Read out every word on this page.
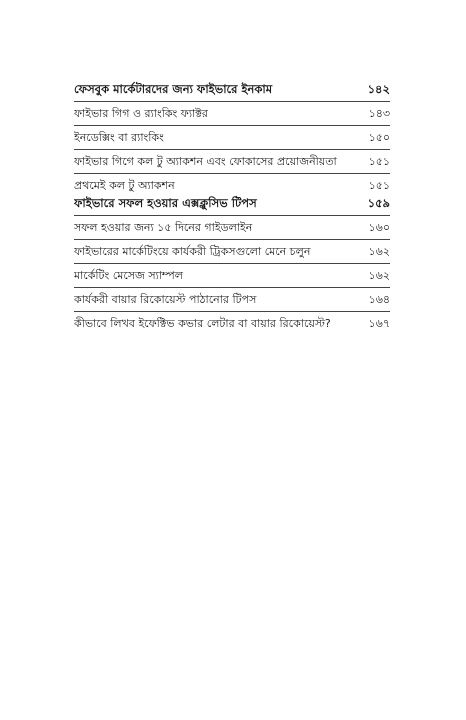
ফেসবুক মার্কেটারদের জন্য ফাইভারে ইনকাম	১৪২
ফাইভার গিগ ও র‍্যাংকিং ফ্যাক্টর	১৪৩
ইনডেক্সিং বা র‍্যাংকিং	১৫০
ফাইভার গিগে কল টু অ্যাকশন এবং ফোকাসের প্রয়োজনীয়তা	১৫১
প্রথমেই কল টু অ্যাকশন	১৫১
ফাইভারে সফল হওয়ার এক্সক্লুসিভ টিপস	১৫৯
সফল হওয়ার জন্য ১৫ দিনের গাইডলাইন	১৬০
ফাইভারের মার্কেটিংয়ে কার্যকরী ট্রিকসগুলো মেনে চলুন	১৬২
মার্কেটিং মেসেজ স্যাম্পল	১৬২
কার্যকরী বায়ার রিকোয়েস্ট পাঠানোর টিপস	১৬৪
কীভাবে লিখব ইফেক্টিভ কভার লেটার বা বায়ার রিকোয়েস্ট?	১৬৭
